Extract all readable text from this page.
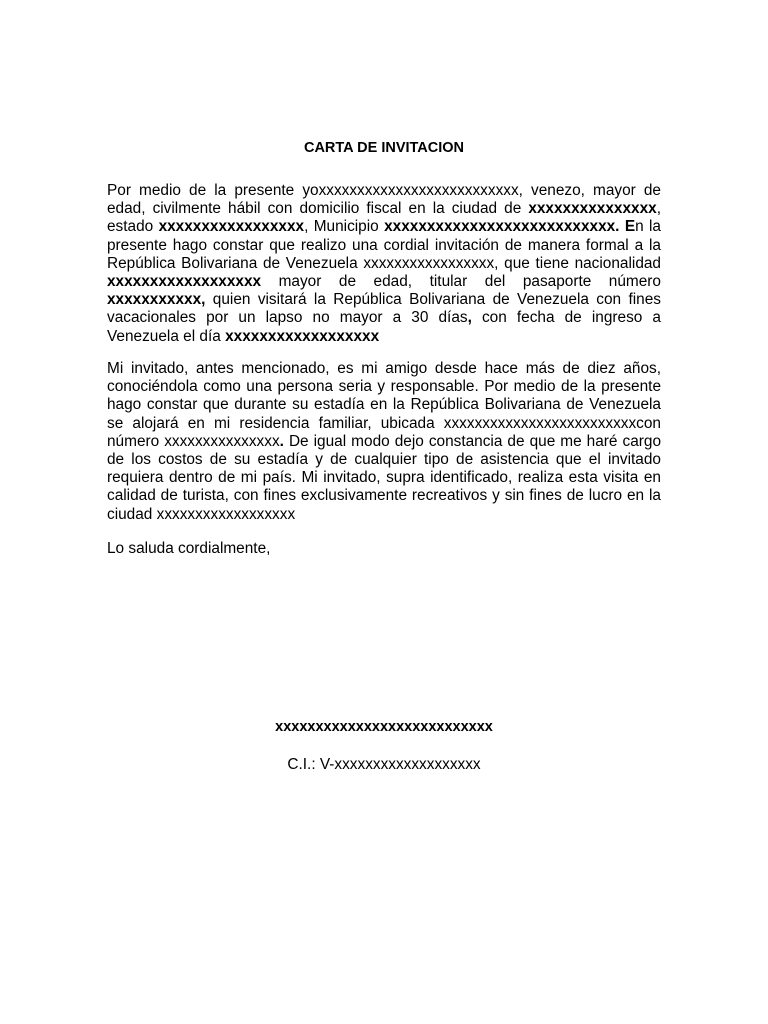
CARTA DE INVITACION

Por medio de la presente yoxxxxxxxxxxxxxxxxxxxxxxxxxx, venezo, mayor de edad, civilmente hábil con domicilio fiscal en la ciudad de xxxxxxxxxxxxxxx, estado xxxxxxxxxxxxxxxxx, Municipio xxxxxxxxxxxxxxxxxxxxxxxxxxx. En la presente hago constar que realizo una cordial invitación de manera formal a la República Bolivariana de Venezuela xxxxxxxxxxxxxxxxx, que tiene nacionalidad xxxxxxxxxxxxxxxxxx mayor de edad, titular del pasaporte número xxxxxxxxxxx, quien visitará la República Bolivariana de Venezuela con fines vacacionales por un lapso no mayor a 30 días, con fecha de ingreso a Venezuela el día xxxxxxxxxxxxxxxxxx

Mi invitado, antes mencionado, es mi amigo desde hace más de diez años, conociéndola como una persona seria y responsable. Por medio de la presente hago constar que durante su estadía en la República Bolivariana de Venezuela se alojará en mi residencia familiar, ubicada xxxxxxxxxxxxxxxxxxxxxxxxxcon número xxxxxxxxxxxxxxx. De igual modo dejo constancia de que me haré cargo de los costos de su estadía y de cualquier tipo de asistencia que el invitado requiera dentro de mi país. Mi invitado, supra identificado, realiza esta visita en calidad de turista, con fines exclusivamente recreativos y sin fines de lucro en la ciudad xxxxxxxxxxxxxxxxxx

Lo saluda cordialmente,

xxxxxxxxxxxxxxxxxxxxxxxxxxx

C.I.: V-xxxxxxxxxxxxxxxxxxx
